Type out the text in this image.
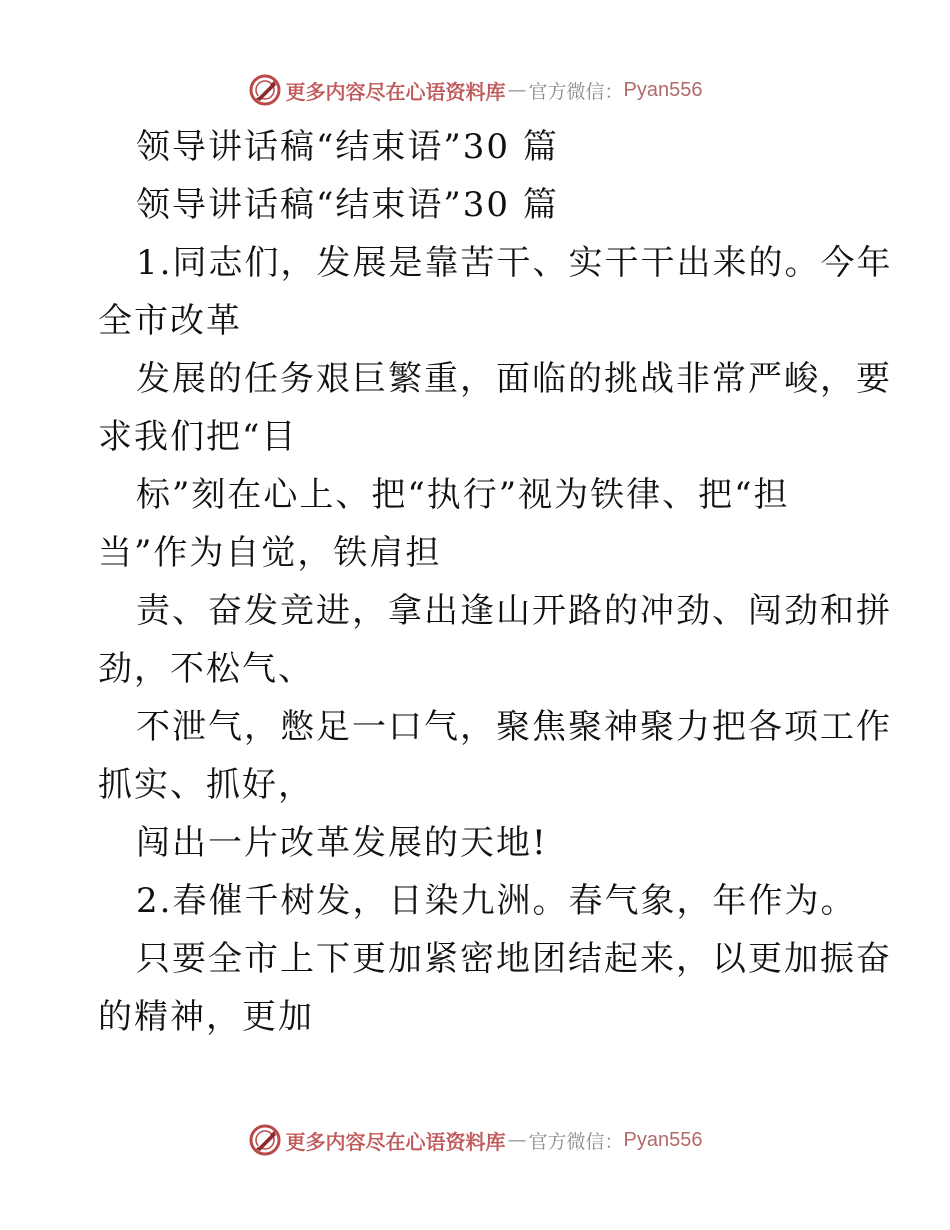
更多内容尽在心语资料库 — 官方微信： Pyan556
领导讲话稿“结束语”30 篇
领导讲话稿“结束语”30 篇
1.同志们，发展是靠苦干、实干干出来的。今年
全市改革
发展的任务艰巨繁重，面临的挑战非常严峻，要
求我们把“目
标”刻在心上、把“执行”视为铁律、把“担
当”作为自觉，铁肩担
责、奋发竞进，拿出逢山开路的冲劲、闯劲和拼
劲，不松气、
不泄气，憋足一口气，聚焦聚神聚力把各项工作
抓实、抓好，
闯出一片改革发展的天地!
2.春催千树发，日染九洲。春气象，年作为。
只要全市上下更加紧密地团结起来，以更加振奋
的精神，更加
更多内容尽在心语资料库 — 官方微信： Pyan556
